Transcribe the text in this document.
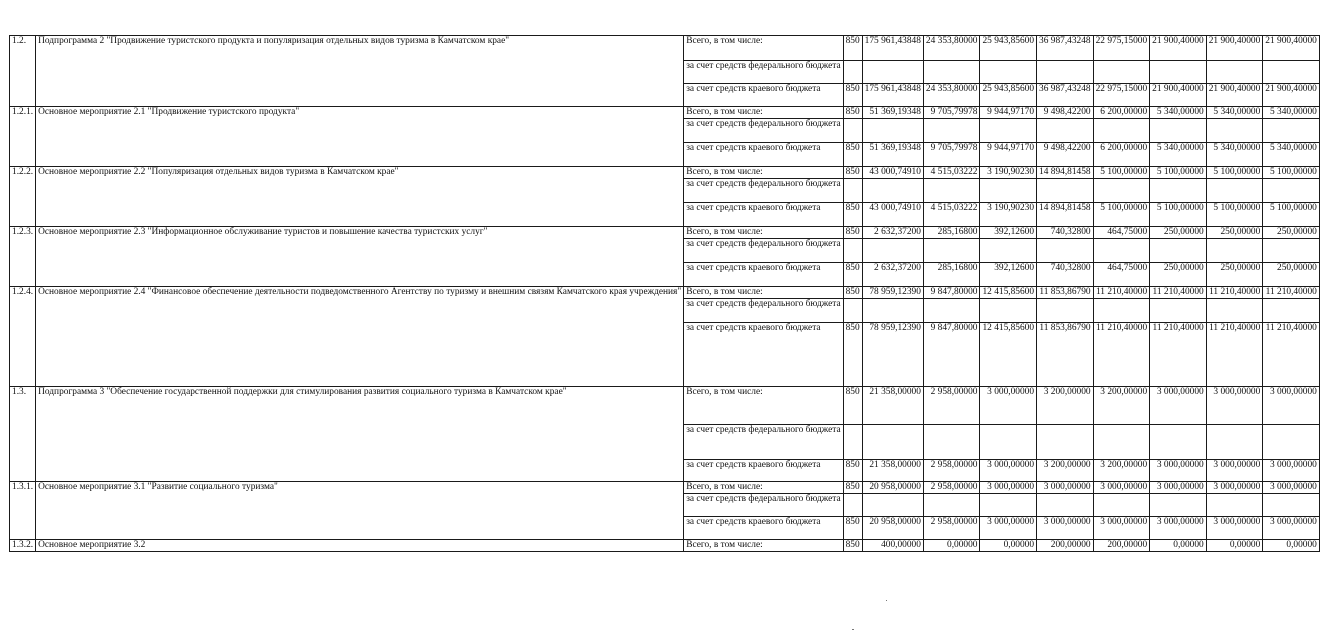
1.2.	Подпрограмма 2 "Продвижение туристского продукта и популяризация отдельных видов туризма в Камчатском крае"	Всего, в том числе:	850	175 961,43848	24 353,80000	25 943,85600	36 987,43248	22 975,15000	21 900,40000	21 900,40000	21 900,40000
		за счет средств федерального бюджета									
		за счет средств краевого бюджета	850	175 961,43848	24 353,80000	25 943,85600	36 987,43248	22 975,15000	21 900,40000	21 900,40000	21 900,40000
1.2.1.	Основное мероприятие 2.1 "Продвижение туристского продукта"	Всего, в том числе:	850	51 369,19348	9 705,79978	9 944,97170	9 498,42200	6 200,00000	5 340,00000	5 340,00000	5 340,00000
		за счет средств федерального бюджета									
		за счет средств краевого бюджета	850	51 369,19348	9 705,79978	9 944,97170	9 498,42200	6 200,00000	5 340,00000	5 340,00000	5 340,00000
1.2.2.	Основное мероприятие 2.2 "Популяризация отдельных видов туризма в Камчатском крае"	Всего, в том числе:	850	43 000,74910	4 515,03222	3 190,90230	14 894,81458	5 100,00000	5 100,00000	5 100,00000	5 100,00000
		за счет средств федерального бюджета									
		за счет средств краевого бюджета	850	43 000,74910	4 515,03222	3 190,90230	14 894,81458	5 100,00000	5 100,00000	5 100,00000	5 100,00000
1.2.3.	Основное мероприятие 2.3 "Информационное обслуживание туристов и повышение качества туристских услуг"	Всего, в том числе:	850	2 632,37200	285,16800	392,12600	740,32800	464,75000	250,00000	250,00000	250,00000
		за счет средств федерального бюджета									
		за счет средств краевого бюджета	850	2 632,37200	285,16800	392,12600	740,32800	464,75000	250,00000	250,00000	250,00000
1.2.4.	Основное мероприятие 2.4 "Финансовое обеспечение деятельности подведомственного Агентству по туризму и внешним связям Камчатского края учреждения"	Всего, в том числе:	850	78 959,12390	9 847,80000	12 415,85600	11 853,86790	11 210,40000	11 210,40000	11 210,40000	11 210,40000
		за счет средств федерального бюджета									
		за счет средств краевого бюджета	850	78 959,12390	9 847,80000	12 415,85600	11 853,86790	11 210,40000	11 210,40000	11 210,40000	11 210,40000
1.3.	Подпрограмма 3 "Обеспечение государственной поддержки для стимулирования развития социального туризма в Камчатском крае"	Всего, в том числе:	850	21 358,00000	2 958,00000	3 000,00000	3 200,00000	3 200,00000	3 000,00000	3 000,00000	3 000,00000
		за счет средств федерального бюджета									
		за счет средств краевого бюджета	850	21 358,00000	2 958,00000	3 000,00000	3 200,00000	3 200,00000	3 000,00000	3 000,00000	3 000,00000
1.3.1.	Основное мероприятие 3.1 "Развитие социального туризма"	Всего, в том числе:	850	20 958,00000	2 958,00000	3 000,00000	3 000,00000	3 000,00000	3 000,00000	3 000,00000	3 000,00000
		за счет средств федерального бюджета									
		за счет средств краевого бюджета	850	20 958,00000	2 958,00000	3 000,00000	3 000,00000	3 000,00000	3 000,00000	3 000,00000	3 000,00000
1.3.2.	Основное мероприятие 3.2	Всего, в том числе:	850	400,00000	0,00000	0,00000	200,00000	200,00000	0,00000	0,00000	0,00000
